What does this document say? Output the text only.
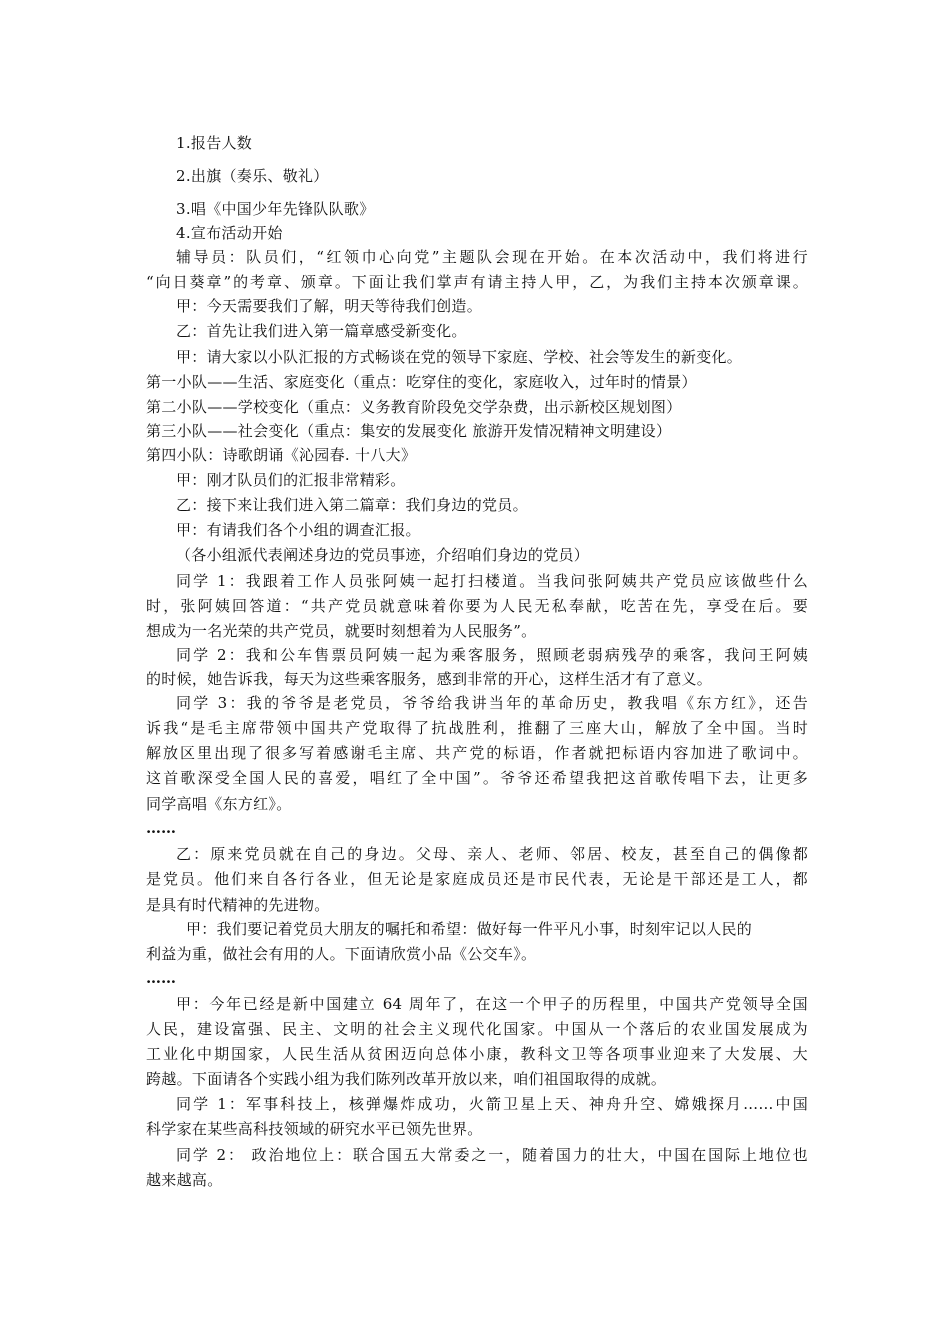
1.报告人数
2.出旗（奏乐、敬礼）
3.唱《中国少年先锋队队歌》
4.宣布活动开始
辅导员：队员们，“红领巾心向党”主题队会现在开始。在本次活动中，我们将进行
“向日葵章”的考章、颁章。下面让我们掌声有请主持人甲，乙，为我们主持本次颁章课。
甲：今天需要我们了解，明天等待我们创造。
乙：首先让我们进入第一篇章感受新变化。
甲：请大家以小队汇报的方式畅谈在党的领导下家庭、学校、社会等发生的新变化。
第一小队——生活、家庭变化（重点：吃穿住的变化，家庭收入，过年时的情景）
第二小队——学校变化（重点：义务教育阶段免交学杂费，出示新校区规划图）
第三小队——社会变化（重点：集安的发展变化 旅游开发情况精神文明建设）
第四小队：诗歌朗诵《沁园春. 十八大》
甲：刚才队员们的汇报非常精彩。
乙：接下来让我们进入第二篇章：我们身边的党员。
甲：有请我们各个小组的调查汇报。
（各小组派代表阐述身边的党员事迹，介绍咱们身边的党员）
同学 1：我跟着工作人员张阿姨一起打扫楼道。当我问张阿姨共产党员应该做些什么
时，张阿姨回答道：“共产党员就意味着你要为人民无私奉献，吃苦在先，享受在后。要
想成为一名光荣的共产党员，就要时刻想着为人民服务”。
同学 2：我和公车售票员阿姨一起为乘客服务，照顾老弱病残孕的乘客，我问王阿姨
的时候，她告诉我，每天为这些乘客服务，感到非常的开心，这样生活才有了意义。
同学 3：我的爷爷是老党员，爷爷给我讲当年的革命历史，教我唱《东方红》，还告
诉我“是毛主席带领中国共产党取得了抗战胜利，推翻了三座大山，解放了全中国。当时
解放区里出现了很多写着感谢毛主席、共产党的标语，作者就把标语内容加进了歌词中。
这首歌深受全国人民的喜爱，唱红了全中国”。爷爷还希望我把这首歌传唱下去，让更多
同学高唱《东方红》。
……
乙：原来党员就在自己的身边。父母、亲人、老师、邻居、校友，甚至自己的偶像都
是党员。他们来自各行各业，但无论是家庭成员还是市民代表，无论是干部还是工人，都
是具有时代精神的先进物。
甲：我们要记着党员大朋友的嘱托和希望：做好每一件平凡小事，时刻牢记以人民的
利益为重，做社会有用的人。下面请欣赏小品《公交车》。
……
甲：今年已经是新中国建立 64 周年了，在这一个甲子的历程里，中国共产党领导全国
人民，建设富强、民主、文明的社会主义现代化国家。中国从一个落后的农业国发展成为
工业化中期国家，人民生活从贫困迈向总体小康，教科文卫等各项事业迎来了大发展、大
跨越。下面请各个实践小组为我们陈列改革开放以来，咱们祖国取得的成就。
同学 1：军事科技上，核弹爆炸成功，火箭卫星上天、神舟升空、嫦娥探月……中国
科学家在某些高科技领域的研究水平已领先世界。
同学 2： 政治地位上：联合国五大常委之一，随着国力的壮大，中国在国际上地位也
越来越高。
